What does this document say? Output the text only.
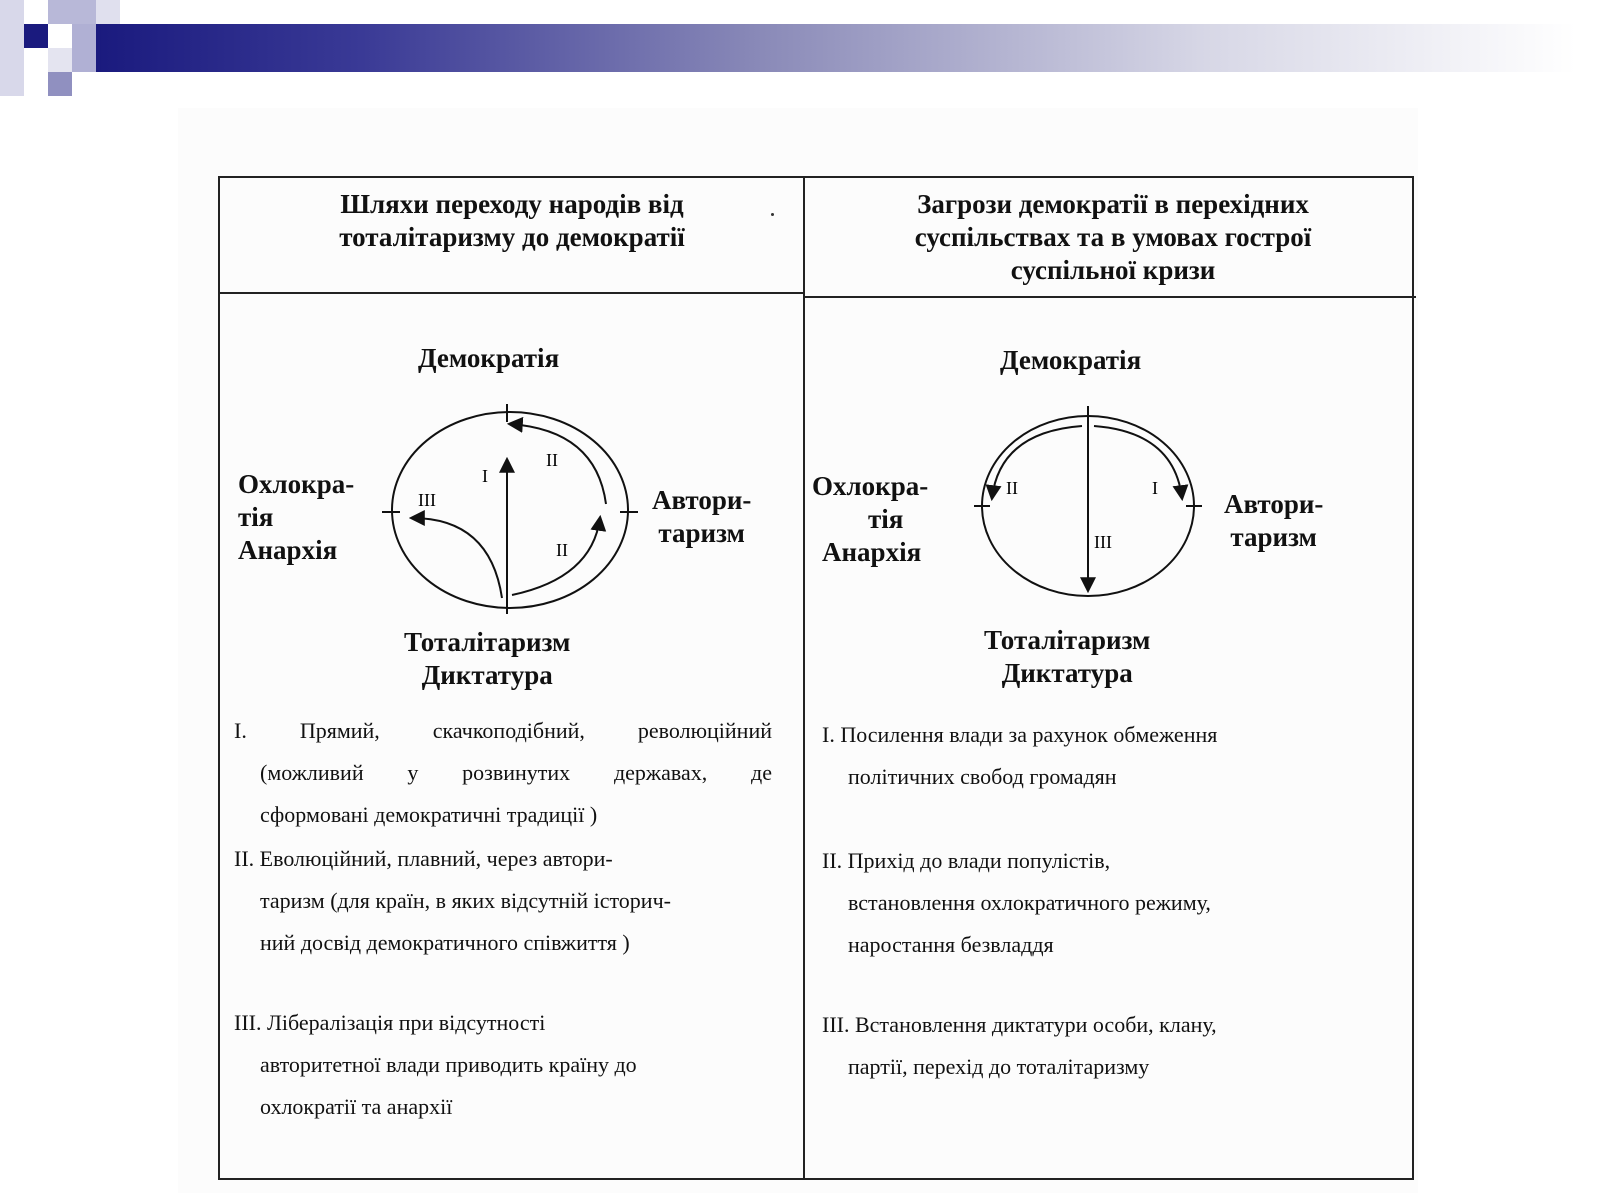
Шляхи переходу народів від
тоталітаризму до демократії
Загрози демократії в перехідних
суспільствах та в умовах гострої
суспільної кризи
Демократія
Охлокра-
тія
Анархія
Автори-
таризм
Тоталітаризм
Диктатура
I
II
III
II
Демократія
Охлокра-
тія
Анархія
Автори-
таризм
Тоталітаризм
Диктатура
II	I
III
I. Прямий, скачкоподібний, революційний
(можливий у розвинутих державах, де
сформовані демократичні традиції )
II. Еволюційний, плавний, через автори-
таризм (для країн, в яких відсутній історич-
ний досвід демократичного співжиття )
III. Лібералізація при відсутності
авторитетної влади приводить країну до
охлократії та анархії
I. Посилення влади за рахунок обмеження
політичних свобод громадян
II. Прихід до влади популістів,
встановлення охлократичного режиму,
наростання безвладдя
III. Встановлення диктатури особи, клану,
партії, перехід до тоталітаризму
